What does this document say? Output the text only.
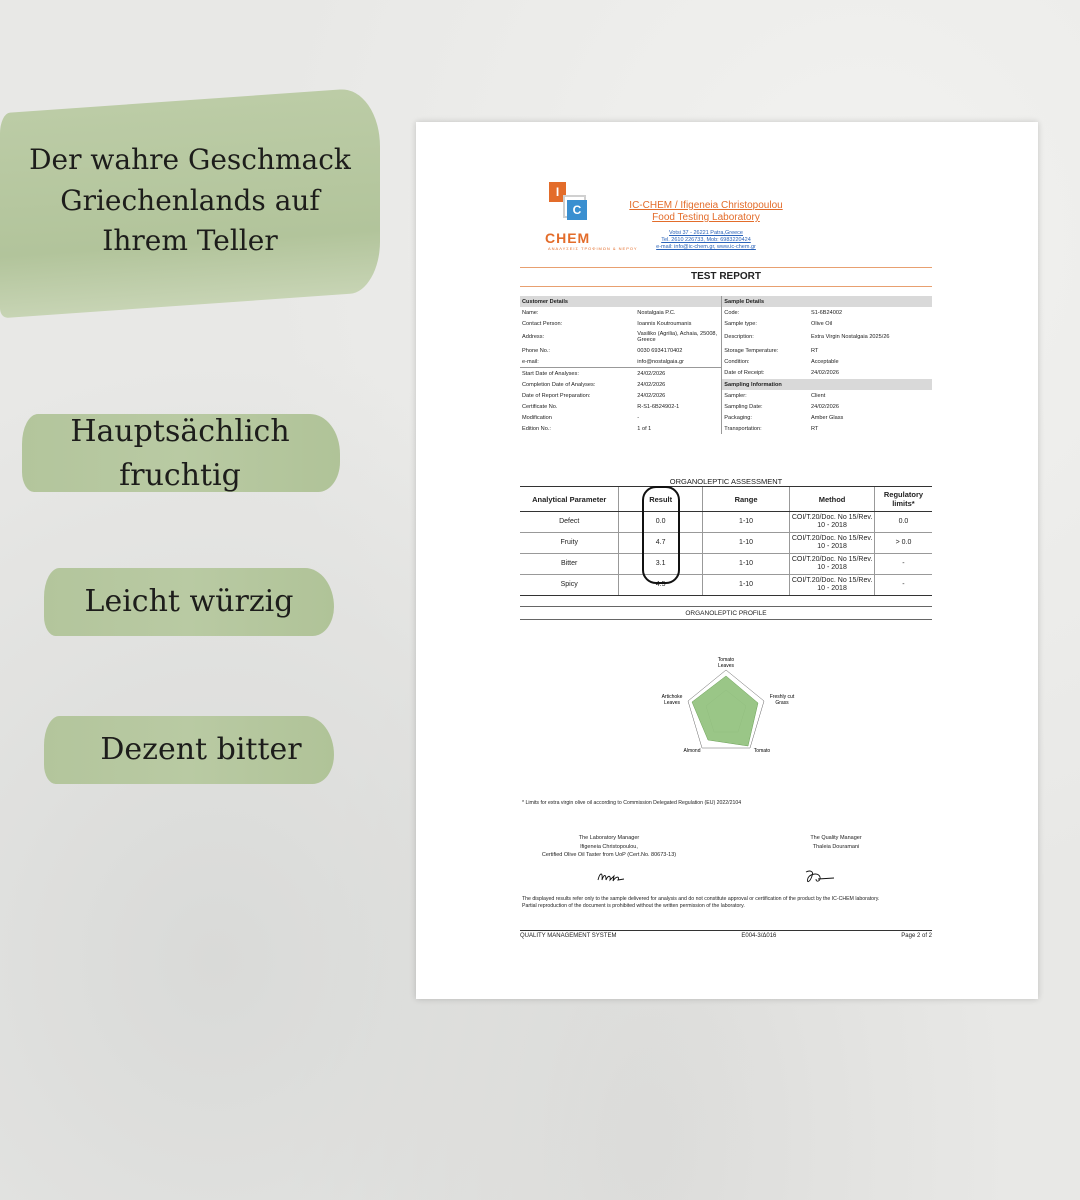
Der wahre Geschmack
Griechenlands auf
Ihrem Teller
Hauptsächlich
fruchtig
Leicht würzig
Dezent bitter
I
C
CHEM
ΑΝΑΛΥΣΕΙΣ ΤΡΟΦΙΜΩΝ & ΝΕΡΟΥ
IC-CHEM / Ifigeneia Christopoulou
Food Testing Laboratory
Votsi 37 - 26221 Patra,Greece
Tel. 2610 226733, Mob: 6983220424
e-mail: info@ic-chem.gr, www.ic-chem.gr
TEST REPORT
Customer Details		Sample Details	
Name:	Nostalgaia P.C.	Code:	S1-6B24002
Contact Person:	Ioannis Koutroumanis	Sample type:	Olive Oil
Address:	Vasiliko (Agrilia), Achaia, 25008, Greece	Description:	Extra Virgin Nostalgaia 2025/26
Phone No.:	0030 6934170402	Storage Temperature:	RT
e-mail:	info@nostalgaia.gr	Condition:	Acceptable
Start Date of Analyses:	24/02/2026	Date of Receipt:	24/02/2026
Completion Date of Analyses:	24/02/2026	Sampling Information	
Date of Report Preparation:	24/02/2026	Sampler:	Client
Certificate No.	R-S1-6B24902-1	Sampling Date:	24/02/2026
Modification	-	Packaging:	Amber Glass
Edition No.:	1 of 1	Transportation:	RT
ORGANOLEPTIC ASSESSMENT
Analytical Parameter	Result	Range	Method	Regulatory limits*
Defect	0.0	1-10	COI/T.20/Doc. No 15/Rev. 10 - 2018	0.0
Fruity	4.7	1-10	COI/T.20/Doc. No 15/Rev. 10 - 2018	> 0.0
Bitter	3.1	1-10	COI/T.20/Doc. No 15/Rev. 10 - 2018	-
Spicy	4.5	1-10	COI/T.20/Doc. No 15/Rev. 10 - 2018	-
ORGANOLEPTIC PROFILE
Tomato
Leaves
Freshly cut
Grass
Tomato
Almond
Artichoke
Leaves
* Limits for extra virgin olive oil according to Commission Delegated Regulation (EU) 2022/2104
The Laboratory Manager
Ifigeneia Christopoulou,
Certified Olive Oil Taster from UoP (Cert.No. 80673-13)
The Quality Manager
Thaleia Douramani
The displayed results refer only to the sample delivered for analysis and do not constitute approval or certification of the product by the IC-CHEM laboratory.
Partial reproduction of the document is prohibited without the written permission of the laboratory.
QUALITY MANAGEMENT SYSTEM	E004-3/Δ016	Page 2 of 2
